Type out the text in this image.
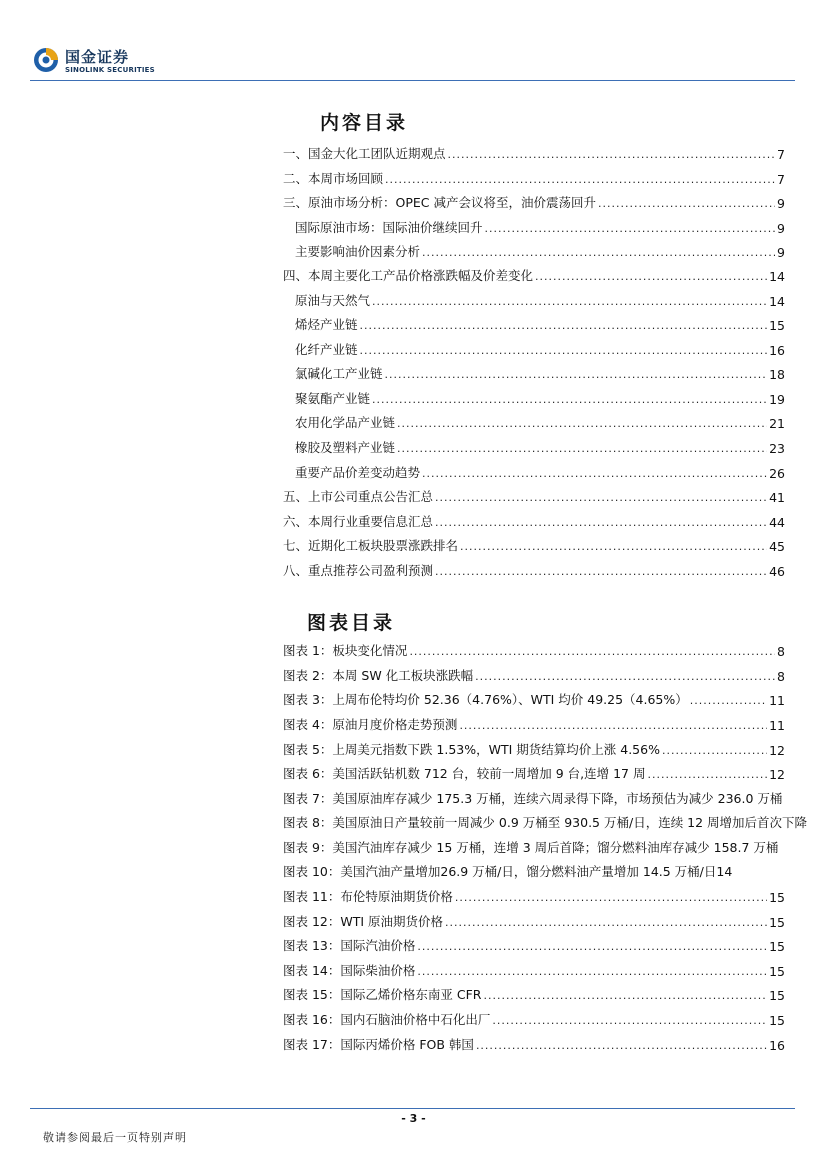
国金证券
SINOLINK SECURITIES
内容目录
一、国金大化工团队近期观点 .....	7
二、本周市场回顾 .....	7
三、原油市场分析：OPEC 减产会议将至，油价震荡回升 .....	9
国际原油市场：国际油价继续回升 .....	9
主要影响油价因素分析 .....	9
四、本周主要化工产品价格涨跌幅及价差变化 .....	14
原油与天然气 .....	14
烯烃产业链 .....	15
化纤产业链 .....	16
氯碱化工产业链 .....	18
聚氨酯产业链 .....	19
农用化学品产业链 .....	21
橡胶及塑料产业链 .....	23
重要产品价差变动趋势 .....	26
五、上市公司重点公告汇总 .....	41
六、本周行业重要信息汇总 .....	44
七、近期化工板块股票涨跌排名 .....	45
八、重点推荐公司盈利预测 .....	46
图表目录
图表 1：板块变化情况 .....	8
图表 2：本周 SW 化工板块涨跌幅 .....	8
图表 3：上周布伦特均价 52.36（4.76%）、WTI 均价 49.25（4.65%） .....	11
图表 4：原油月度价格走势预测 .....	11
图表 5：上周美元指数下跌 1.53%，WTI 期货结算均价上涨 4.56% .....	12
图表 6：美国活跃钻机数 712 台，较前一周增加 9 台,连增 17 周 .....	12
图表 7：美国原油库存减少 175.3 万桶，连续六周录得下降，市场预估为减少 236.0 万桶
图表 8：美国原油日产量较前一周减少 0.9 万桶至 930.5 万桶/日，连续 12 周增加后首次下降
图表 9：美国汽油库存减少 15 万桶，连增 3 周后首降；馏分燃料油库存减少 158.7 万桶
图表 10：美国汽油产量增加26.9 万桶/日，馏分燃料油产量增加 14.5 万桶/日14
图表 11：布伦特原油期货价格 .....	15
图表 12：WTI 原油期货价格 .....	15
图表 13：国际汽油价格 .....	15
图表 14：国际柴油价格 .....	15
图表 15：国际乙烯价格东南亚 CFR .....	15
图表 16：国内石脑油价格中石化出厂 .....	15
图表 17：国际丙烯价格 FOB 韩国 .....	16
- 3 -
敬请参阅最后一页特别声明
